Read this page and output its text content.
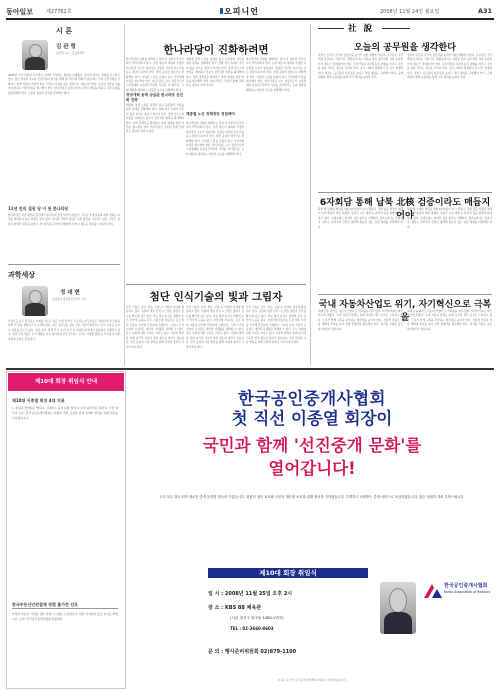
동아일보	제27762호	오피니언	2008년 11월 24일 월요일	A31
시 론
김 관 형
중앙대 교수 · 공공정책학
2008년 미국 대통령 선거에서 오바마 당선자는 변화를 내세웠다. 한국의 정치도 변화를 요구받고 있다. 정당 정치의 성숙과 민주주의의 발전을 위해 한나라당의 진화가 필요하다. 당내 민주주의를 강화하고 정책 역량을 키워야 한다. 국민의 신뢰를 얻는 정당으로 거듭나야 한다. 보수의 가치를 새롭게 정립하고 미래 비전을 제시해야 한다. 한나라당은 집권 여당으로서의 책임을 다하고 국정 운영을 뒷받침해야 한다. 소통과 통합의 정치를 실천해야 한다.
11년 만의 집권 당 이 된 한나라당
한나라당은 지난 대선과 총선에서 승리하며 집권 여당이 되었다. 그러나 당내 갈등과 계파 정치는 여전히 해결되지 않은 과제로 남아 있다. 친이와 친박의 대립은 당의 발전을 가로막고 있다. 국민은 통합과 화합의 정치를 원한다. 한나라당은 과거의 관행에서 벗어나 새로운 정치를 보여줘야 한다.
과학세상
정 대 현
성균관대 정보통신공학부 교수
사람만큼 보고 인식하는 기계를 만드는 것은 오랜 꿈이다. 인공지능 연구자들은 컴퓨터 비전 기술을 통해 이 꿈을 실현하고자 노력해 왔다. 최근 딥러닝과 영상 처리 기술의 발전으로 인식 기술은 눈부신 성과를 거두고 있다. 얼굴 인식, 물체 인식, 문자 인식 등 다양한 분야에서 실용화가 진행되고 있다. 첨단 인식기술은 우리 생활을 더욱 편리하게 만들 것이다. 그러나 사생활 침해 등 부작용에 대한 사회적 논의도 필요하다.
한나라당이 진화하려면
한나라당의 진화를 위해서는 먼저 당 내부의 민주주의가 뿌리내려야 한다. 공천 제도의 개혁과 투명한 의사결정 구조가 필요하다. 당원과 국민의 목소리를 듣는 정당이 되어야 한다. 정책 중심의 정당으로 변화해야 한다. 이념과 노선을 분명히 하고 국민에게 비전을 제시해야 한다. 한나라당은 보수 정당으로서 시장경제와 자유민주주의의 가치를 지키면서도 소외 계층을 배려하는 따뜻한 보수를 지향해야 한다.
정당개혁 동력 상실된 한나라당 선진화 전략
계층별 정책 노선을 분명히 하고 중산층과 서민을 위한 정책을 강화해야 한다. 경제 위기 속에서 국민의 삶을 지키는 정당이 되어야 한다. 정책 연구소의 역할을 강화하고 전문가 집단과의 협력을 확대해야 한다. 당의 정체성을 확립하고 미래 세대를 위한 비전을 제시해야 한다. 한나라당은 국민과 함께 진화하는 정당이 되어야 한다.
계층별 정책 노선을 분명히 하고 중산층과 서민을 위한 정책을 강화해야 한다. 경제 위기 속에서 국민의 삶을 지키는 정당이 되어야 한다. 정책 연구소의 역할을 강화하고 전문가 집단과의 협력을 확대해야 한다. 당의 정체성을 확립하고 미래 세대를 위한 비전을 제시해야 한다. 한나라당은 국민과 함께 진화하는 정당이 되어야 한다.
계층별 노선 정책정당 정립해야
한나라당의 진화를 위해서는 먼저 당 내부의 민주주의가 뿌리내려야 한다. 공천 제도의 개혁과 투명한 의사결정 구조가 필요하다. 당원과 국민의 목소리를 듣는 정당이 되어야 한다. 정책 중심의 정당으로 변화해야 한다. 이념과 노선을 분명히 하고 국민에게 비전을 제시해야 한다. 한나라당은 보수 정당으로서 시장경제와 자유민주주의의 가치를 지키면서도 소외 계층을 배려하는 따뜻한 보수를 지향해야 한다.
한나라당의 진화를 위해서는 먼저 당 내부의 민주주의가 뿌리내려야 한다. 공천 제도의 개혁과 투명한 의사결정 구조가 필요하다. 당원과 국민의 목소리를 듣는 정당이 되어야 한다. 정책 중심의 정당으로 변화해야 한다. 이념과 노선을 분명히 하고 국민에게 비전을 제시해야 한다. 한나라당은 보수 정당으로서 시장경제와 자유민주주의의 가치를 지키면서도 소외 계층을 배려하는 따뜻한 보수를 지향해야 한다.
첨단 인식기술의 빛과 그림자
인식 기술은 보안, 의료, 교통 등 다양한 분야에 활용되고 있다. 공항의 얼굴 인식 시스템은 출입국 심사를 빠르게 하고 있다. 의료 영상 분석은 질병의 조기 진단에 도움을 준다. 자율주행 자동차는 도로 위의 사물을 인식해 안전하게 주행한다. 그러나 인식 기술의 오남용은 개인의 사생활을 침해할 수 있다. 감시 사회에 대한 우려도 커지고 있다. 기술의 발전과 함께 윤리적 기준과 법적 제도의 정비가 필요하다. 인간 중심의 기술 발전을 위해 사회적 합의가 이루어져야 한다.
인식 기술은 보안, 의료, 교통 등 다양한 분야에 활용되고 있다. 공항의 얼굴 인식 시스템은 출입국 심사를 빠르게 하고 있다. 의료 영상 분석은 질병의 조기 진단에 도움을 준다. 자율주행 자동차는 도로 위의 사물을 인식해 안전하게 주행한다. 그러나 인식 기술의 오남용은 개인의 사생활을 침해할 수 있다. 감시 사회에 대한 우려도 커지고 있다. 기술의 발전과 함께 윤리적 기준과 법적 제도의 정비가 필요하다. 인간 중심의 기술 발전을 위해 사회적 합의가 이루어져야 한다.
인식 기술은 보안, 의료, 교통 등 다양한 분야에 활용되고 있다. 공항의 얼굴 인식 시스템은 출입국 심사를 빠르게 하고 있다. 의료 영상 분석은 질병의 조기 진단에 도움을 준다. 자율주행 자동차는 도로 위의 사물을 인식해 안전하게 주행한다. 그러나 인식 기술의 오남용은 개인의 사생활을 침해할 수 있다. 감시 사회에 대한 우려도 커지고 있다. 기술의 발전과 함께 윤리적 기준과 법적 제도의 정비가 필요하다. 인간 중심의 기술 발전을 위해 사회적 합의가 이루어져야 한다.
社 說
오늘의 공무원을 생각한다
정부가 공무원 조직의 효율성을 높이기 위한 개혁에 나섰다. 공무원은 국민에게 봉사하는 사람이다. 철밥통이라는 비판을 받지 않으려면 성과 중심의 인사 제도가 정착되어야 한다. 무사안일과 복지부동의 관행을 버리고 국민을 위한 서비스 정신을 가져야 한다. 공직 사회의 경쟁력이 곧 국가 경쟁력이다. 정부는 공무원의 전문성을 높이고 책임 행정을 구현해야 한다. 규제 개혁과 행정 효율화를 통해 국민 편의를 높여야 한다.
정부가 공무원 조직의 효율성을 높이기 위한 개혁에 나섰다. 공무원은 국민에게 봉사하는 사람이다. 철밥통이라는 비판을 받지 않으려면 성과 중심의 인사 제도가 정착되어야 한다. 무사안일과 복지부동의 관행을 버리고 국민을 위한 서비스 정신을 가져야 한다. 공직 사회의 경쟁력이 곧 국가 경쟁력이다. 정부는 공무원의 전문성을 높이고 책임 행정을 구현해야 한다. 규제 개혁과 행정 효율화를 통해 국민 편의를 높여야 한다.
6자회담 통해 납북 北核 검증이라도 매듭지어야
북한 핵 문제의 해결을 위한 6자회담이 다시 열린다. 북핵 검증 의정서 채택이 이번 회담의 핵심 과제다. 북한은 시료 채취 등 과학적 검증 방법에 반대하고 있다. 국제사회는 철저한 검증 없이는 비핵화가 불가능하다는 입장이다. 정부는 관련국과 긴밀히 협력해 실효성 있는 검증 체계를 마련해야 한다.
북한 핵 문제의 해결을 위한 6자회담이 다시 열린다. 북핵 검증 의정서 채택이 이번 회담의 핵심 과제다. 북한은 시료 채취 등 과학적 검증 방법에 반대하고 있다. 국제사회는 철저한 검증 없이는 비핵화가 불가능하다는 입장이다. 정부는 관련국과 긴밀히 협력해 실효성 있는 검증 체계를 마련해야 한다.
국내 자동차산업도 위기, 자기혁신으로 극복을
세계 금융 위기로 자동차 산업이 큰 어려움을 겪고 있다. 미국의 빅3는 파산 위기에 처했다. 국내 자동차 업계도 판매 부진과 재고 증가로 고전하고 있다. 노사가 함께 고통을 분담하고 생산성을 높여야 한다. 친환경 자동차 기술 개발에 투자를 늘려 미래 경쟁력을 확보해야 한다. 위기를 기회로 삼는 자기혁신이 필요하다.
세계 금융 위기로 자동차 산업이 큰 어려움을 겪고 있다. 미국의 빅3는 파산 위기에 처했다. 국내 자동차 업계도 판매 부진과 재고 증가로 고전하고 있다. 노사가 함께 고통을 분담하고 생산성을 높여야 한다. 친환경 자동차 기술 개발에 투자를 늘려 미래 경쟁력을 확보해야 한다. 위기를 기회로 삼는 자기혁신이 필요하다.
제10대 회장 취임식 안내
제10대 이종열 회장 4대 지표
1. 회원과 함께하는 협회 2. 신뢰받는 중개 문화 정착 3. 선진 중개 제도 확립 4. 국민 재산권 보호. 한국공인중개사협회는 회원의 권익 보호와 중개 업계의 발전을 위해 최선을 다하겠습니다.
한국부동산안전결제 청렴 불가전 선포
안전한 부동산 거래를 위한 결제 시스템을 도입합니다. 회원 여러분의 많은 참여를 바랍니다. 문의: 한국공인중개사협회 민원센터.
한국공인중개사협회
첫 직선 이종열 회장이
국민과 함께 '선진중개 문화'를
열어갑니다!
우리 모두 하나 되어 새로운 중개 문화를 만들어 가겠습니다. 회원의 권익 보호와 국민의 재산권 보호를 위해 최선을 다하겠습니다. 투명하고 신뢰받는 중개 서비스로 보답하겠습니다. 많은 성원과 격려 부탁드립니다.
제10대 회장 취임식
일 시 : 2008년 11월 25일 오후 2시
장 소 : KBS 88 체육관
(서울 강서구 화곡동 1080-1번지)
TEL : 02-2660-8603
문 의 : 행사준비위원회 02)879-1100
한국공인중개사협회
Korea Association of Realtors
본 광고는 한국공인중개사협회의 의뢰로 게재되었습니다.
